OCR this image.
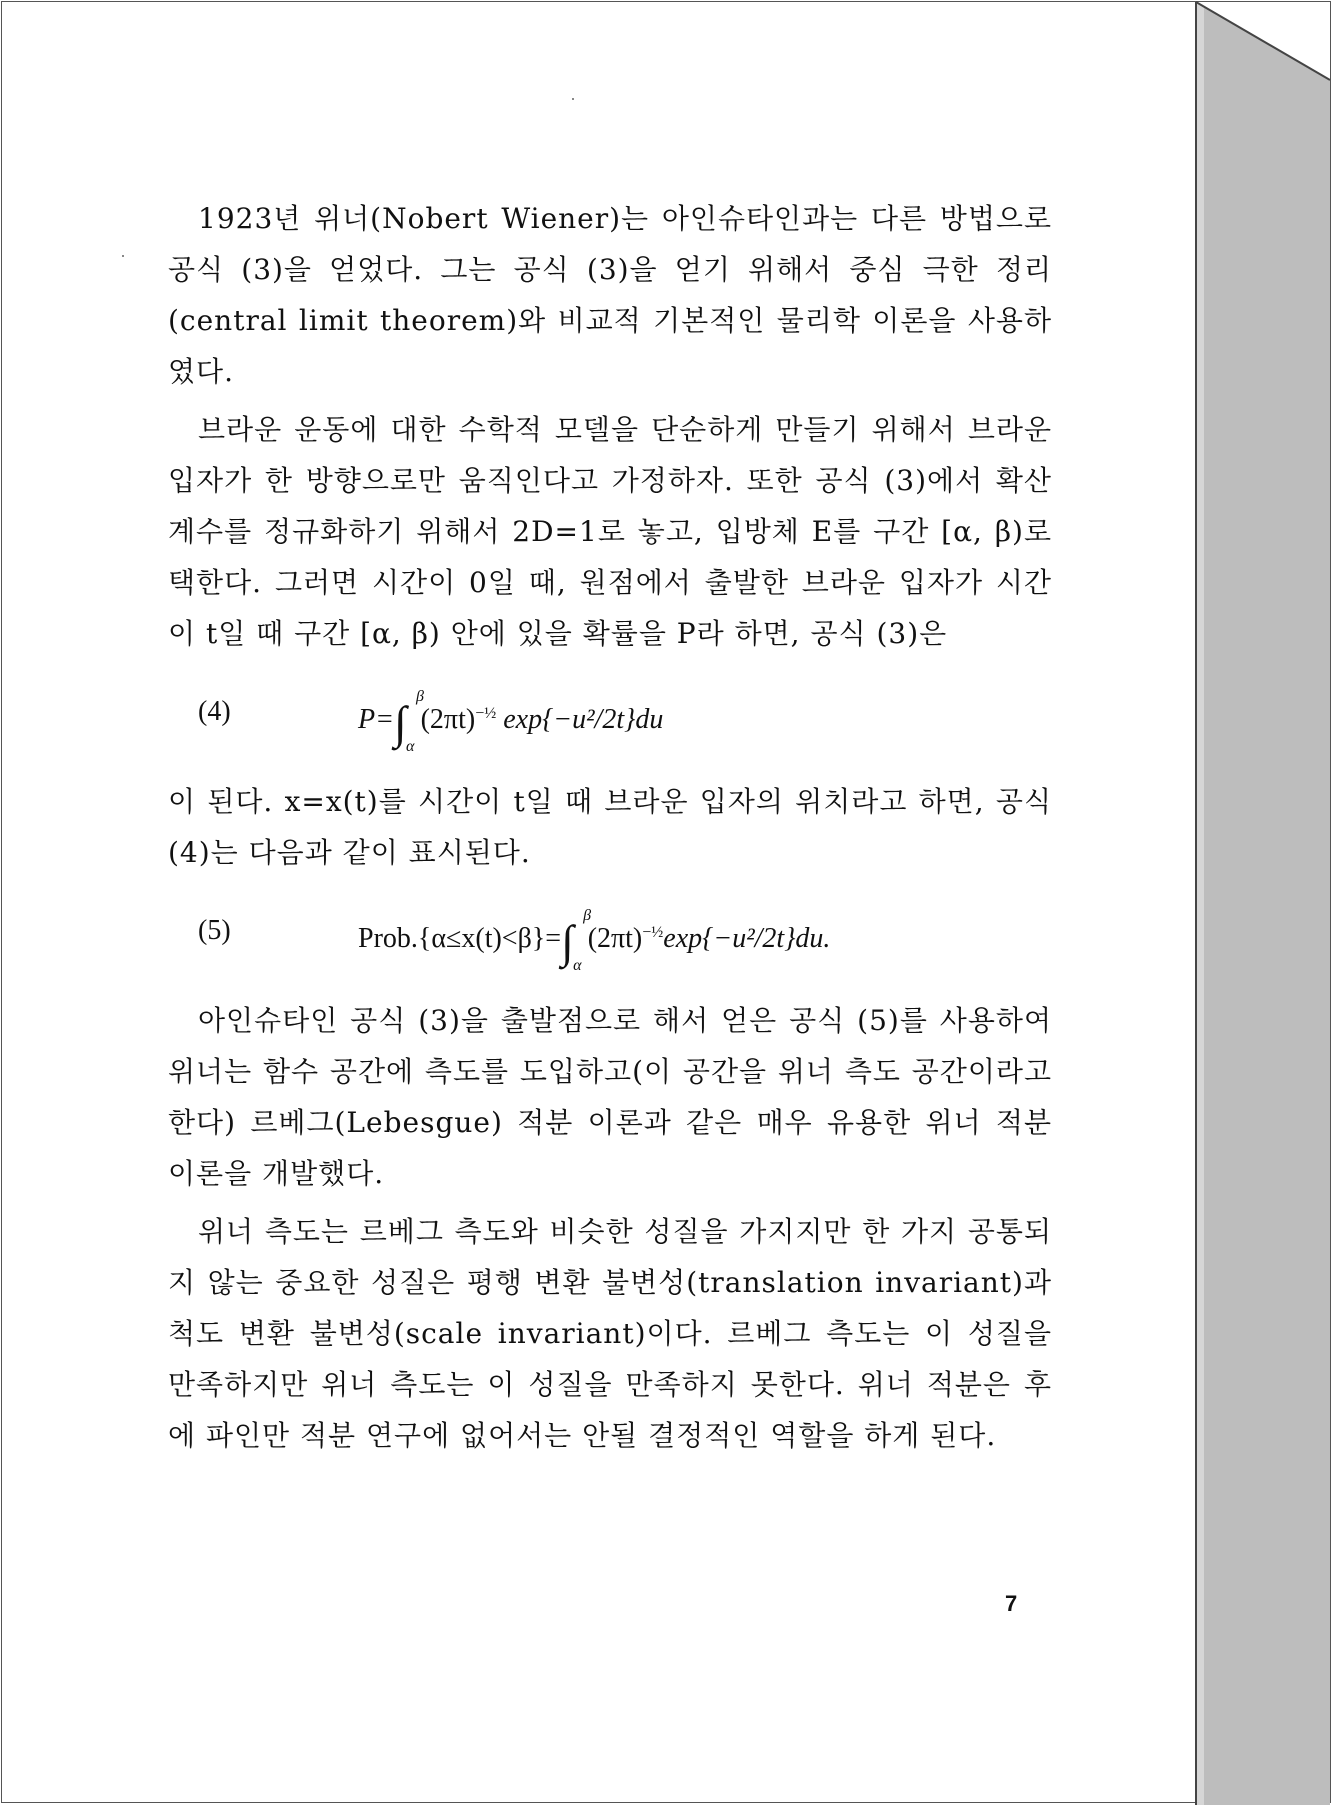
1923년 위너(Nobert Wiener)는 아인슈타인과는 다른 방법으로 공식 (3)을 얻었다. 그는 공식 (3)을 얻기 위해서 중심 극한 정리(central limit theorem)와 비교적 기본적인 물리학 이론을 사용하였다.

브라운 운동에 대한 수학적 모델을 단순하게 만들기 위해서 브라운 입자가 한 방향으로만 움직인다고 가정하자. 또한 공식 (3)에서 확산 계수를 정규화하기 위해서 2D=1로 놓고, 입방체 E를 구간 [α, β)로 택한다. 그러면 시간이 0일 때, 원점에서 출발한 브라운 입자가 시간이 t일 때 구간 [α, β) 안에 있을 확률을 P라 하면, 공식 (3)은

(4)	P=∫
β
α
$(2\pi t)^{-\frac{1}{2}}$ exp{−u²/2t}du

이 된다. x=x(t)를 시간이 t일 때 브라운 입자의 위치라고 하면, 공식 (4)는 다음과 같이 표시된다.

(5)	Prob.{α≤x(t)<β}=∫
β
α
$(2\pi t)^{-\frac{1}{2}}\exp\{-u^2/2t\}du$.

아인슈타인 공식 (3)을 출발점으로 해서 얻은 공식 (5)를 사용하여 위너는 함수 공간에 측도를 도입하고(이 공간을 위너 측도 공간이라고 한다) 르베그(Lebesgue) 적분 이론과 같은 매우 유용한 위너 적분 이론을 개발했다.

위너 측도는 르베그 측도와 비슷한 성질을 가지지만 한 가지 공통되지 않는 중요한 성질은 평행 변환 불변성(translation invariant)과 척도 변환 불변성(scale invariant)이다. 르베그 측도는 이 성질을 만족하지만 위너 측도는 이 성질을 만족하지 못한다. 위너 적분은 후에 파인만 적분 연구에 없어서는 안될 결정적인 역할을 하게 된다.

7
